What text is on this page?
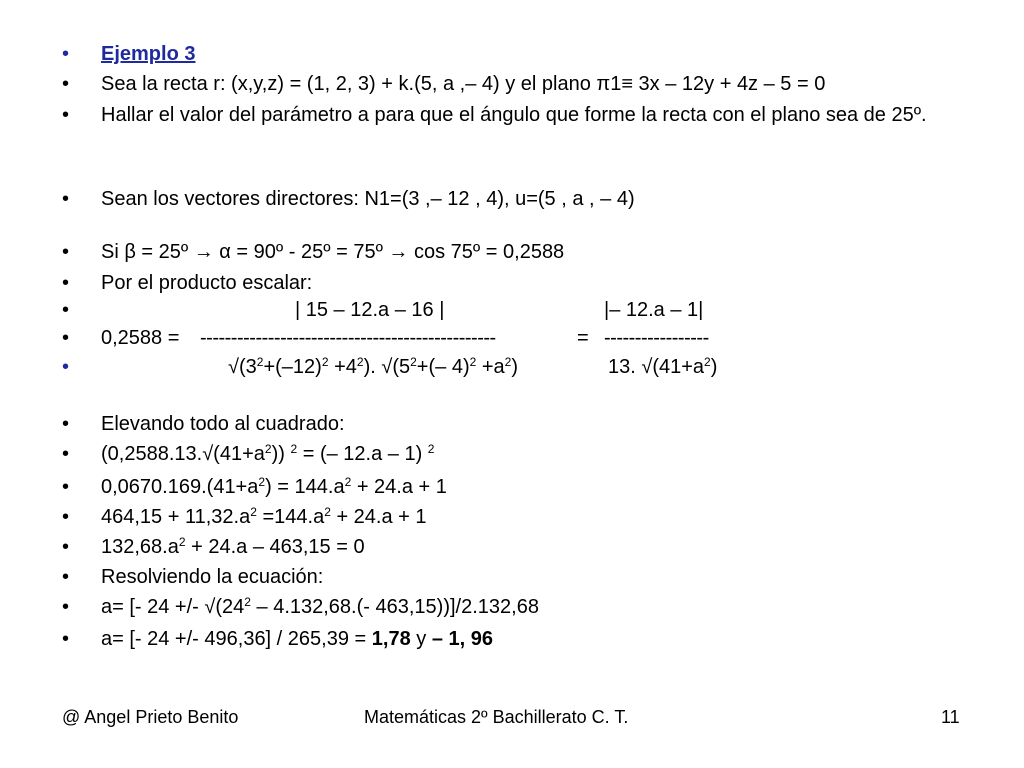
• Ejemplo 3
• Sea la recta r: (x,y,z) = (1, 2, 3) + k.(5, a ,– 4) y el plano π1≡ 3x – 12y + 4z – 5 = 0
• Hallar el valor del parámetro a para que el ángulo que forme la recta con el plano sea de 25º.
• Sean los vectores directores: N1=(3 ,– 12 , 4), u=(5 , a , – 4)
• Si β = 25º → α = 90º - 25º = 75º → cos 75º = 0,2588
• Por el producto escalar:
•	| 15 – 12.a – 16 |	|– 12.a – 1|
• 0,2588 = ------------------------------------------------	= -----------------
•	$√(3^2+(-12)^2 +4^2)$. $√(5^2+(-$ $4)^2 +a^2$)	13. $√(41+a^2)$
• Elevando todo al cuadrado:
• $(0,2588.13.√(41+a^2)) ^2$ = (– 12.a – 1) $^2$
• $0,0670.169.(41+a^2) = 144.a^2 + 24.a + 1$
• $464,15 + 11,32.a^2 =144.a^2 + 24.a + 1$
• $132,68.a^2 + 24.a - 463,15 = 0$
• Resolviendo la ecuación:
• a= [- 24 +/- $√(24^2 - 4.132,68.(-$ 463,15))]/2.132,68
• a= [- 24 +/- 496,36] / 265,39 = 1,78 y – 1, 96
@ Angel Prieto Benito	Matemáticas 2º Bachillerato C. T.	11
